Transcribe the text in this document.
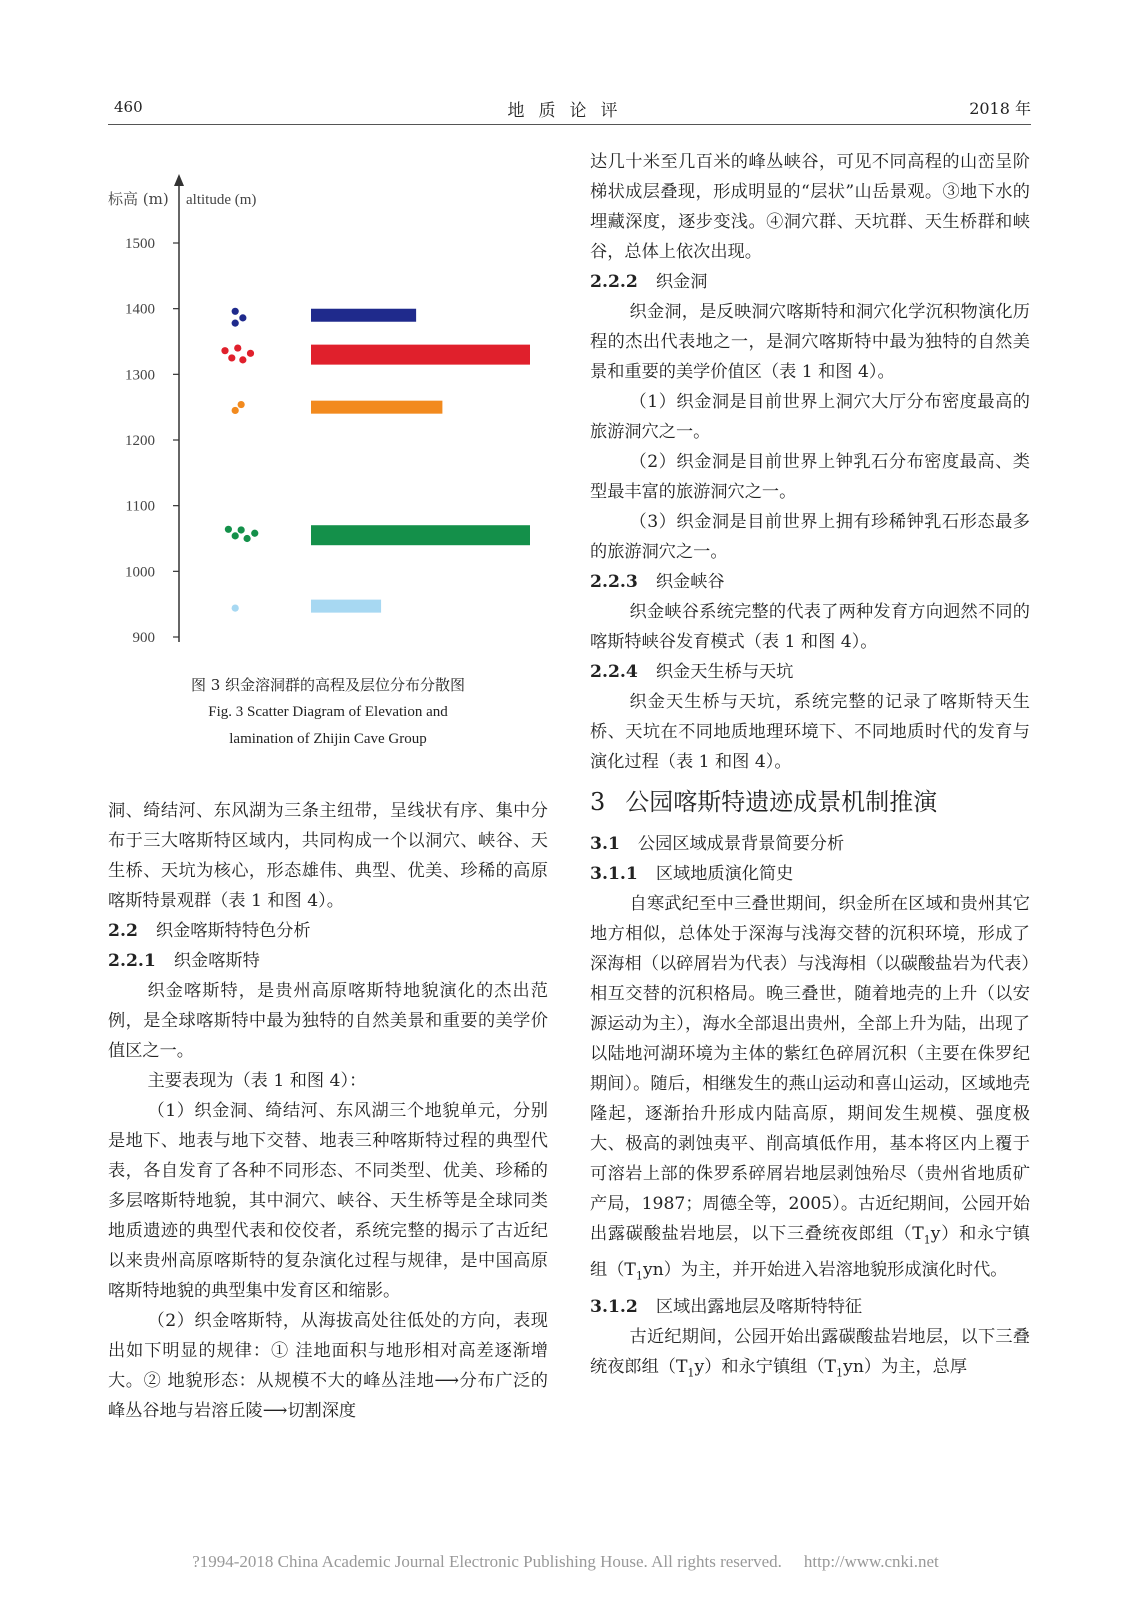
460	地质论评	2018 年
标高 (m) altitude (m)
1500
1400
1300
1200
1100
1000
900
图 3 织金溶洞群的高程及层位分布分散图
Fig. 3 Scatter Diagram of Elevation and
lamination of Zhijin Cave Group

洞、绮结河、东风湖为三条主纽带，呈线状有序、集中分布于三大喀斯特区域内，共同构成一个以洞穴、峡谷、天生桥、天坑为核心，形态雄伟、典型、优美、珍稀的高原喀斯特景观群（表 1 和图 4）。

2.2 织金喀斯特特色分析

2.2.1 织金喀斯特

织金喀斯特，是贵州高原喀斯特地貌演化的杰出范例，是全球喀斯特中最为独特的自然美景和重要的美学价值区之一。

主要表现为（表 1 和图 4）：

（1）织金洞、绮结河、东风湖三个地貌单元，分别是地下、地表与地下交替、地表三种喀斯特过程的典型代表，各自发育了各种不同形态、不同类型、优美、珍稀的多层喀斯特地貌，其中洞穴、峡谷、天生桥等是全球同类地质遗迹的典型代表和佼佼者，系统完整的揭示了古近纪以来贵州高原喀斯特的复杂演化过程与规律，是中国高原喀斯特地貌的典型集中发育区和缩影。

（2）织金喀斯特，从海拔高处往低处的方向，表现出如下明显的规律：① 洼地面积与地形相对高差逐渐增大。② 地貌形态：从规模不大的峰丛洼地⟶分布广泛的峰丛谷地与岩溶丘陵⟶切割深度

达几十米至几百米的峰丛峡谷，可见不同高程的山峦呈阶梯状成层叠现，形成明显的“层状”山岳景观。③地下水的埋藏深度，逐步变浅。④洞穴群、天坑群、天生桥群和峡谷，总体上依次出现。

2.2.2 织金洞

织金洞，是反映洞穴喀斯特和洞穴化学沉积物演化历程的杰出代表地之一，是洞穴喀斯特中最为独特的自然美景和重要的美学价值区（表 1 和图 4）。

（1）织金洞是目前世界上洞穴大厅分布密度最高的旅游洞穴之一。

（2）织金洞是目前世界上钟乳石分布密度最高、类型最丰富的旅游洞穴之一。

（3）织金洞是目前世界上拥有珍稀钟乳石形态最多的旅游洞穴之一。

2.2.3 织金峡谷

织金峡谷系统完整的代表了两种发育方向迥然不同的喀斯特峡谷发育模式（表 1 和图 4）。

2.2.4 织金天生桥与天坑

织金天生桥与天坑，系统完整的记录了喀斯特天生桥、天坑在不同地质地理环境下、不同地质时代的发育与演化过程（表 1 和图 4）。

3 公园喀斯特遗迹成景机制推演

3.1 公园区域成景背景简要分析

3.1.1 区域地质演化简史

自寒武纪至中三叠世期间，织金所在区域和贵州其它地方相似，总体处于深海与浅海交替的沉积环境，形成了深海相（以碎屑岩为代表）与浅海相（以碳酸盐岩为代表）相互交替的沉积格局。晚三叠世，随着地壳的上升（以安源运动为主），海水全部退出贵州，全部上升为陆，出现了以陆地河湖环境为主体的紫红色碎屑沉积（主要在侏罗纪期间）。随后，相继发生的燕山运动和喜山运动，区域地壳隆起，逐渐抬升形成内陆高原，期间发生规模、强度极大、极高的剥蚀夷平、削高填低作用，基本将区内上覆于可溶岩上部的侏罗系碎屑岩地层剥蚀殆尽（贵州省地质矿产局，1987；周德全等，2005）。古近纪期间，公园开始出露碳酸盐岩地层，以下三叠统夜郎组$(T_1y)$和永宁镇组$(T_1yn)$为主，并开始进入岩溶地貌形成演化时代。

3.1.2 区域出露地层及喀斯特特征

古近纪期间，公园开始出露碳酸盐岩地层，以下三叠统夜郎组$(T_1y)$和永宁镇组$(T_1yn)$为主，总厚

?1994-2018 China Academic Journal Electronic Publishing House. All rights reserved. http://www.cnki.net
